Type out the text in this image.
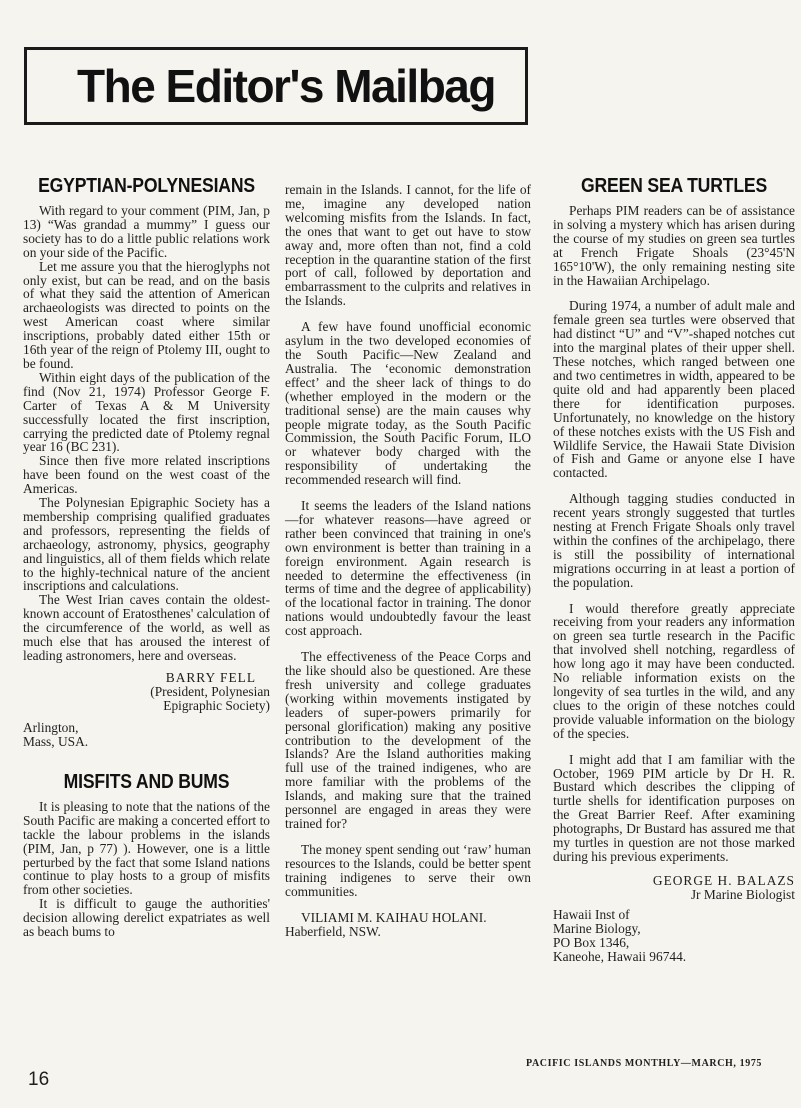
The Editor's Mailbag
EGYPTIAN-POLYNESIANS

With regard to your comment (PIM, Jan, p 13) “Was grandad a mummy” I guess our society has to do a little public relations work on your side of the Pacific.

Let me assure you that the hieroglyphs not only exist, but can be read, and on the basis of what they said the attention of American archaeologists was directed to points on the west American coast where similar inscriptions, probably dated either 15th or 16th year of the reign of Ptolemy III, ought to be found.

Within eight days of the publication of the find (Nov 21, 1974) Professor George F. Carter of Texas A & M University successfully located the first inscription, carrying the predicted date of Ptolemy regnal year 16 (BC 231).

Since then five more related inscriptions have been found on the west coast of the Americas.

The Polynesian Epigraphic Society has a membership comprising qualified graduates and professors, representing the fields of archaeology, astronomy, physics, geography and linguistics, all of them fields which relate to the highly-technical nature of the ancient inscriptions and calculations.

The West Irian caves contain the oldest-known account of Eratosthenes' calculation of the circumference of the world, as well as much else that has aroused the interest of leading astronomers, here and overseas.

BARRY FELL
(President, Polynesian
Epigraphic Society)
Arlington,
Mass, USA.
MISFITS AND BUMS

It is pleasing to note that the nations of the South Pacific are making a concerted effort to tackle the labour problems in the islands (PIM, Jan, p 77) ). However, one is a little perturbed by the fact that some Island nations continue to play hosts to a group of misfits from other societies.

It is difficult to gauge the authorities' decision allowing derelict expatriates as well as beach bums to

remain in the Islands. I cannot, for the life of me, imagine any developed nation welcoming misfits from the Islands. In fact, the ones that want to get out have to stow away and, more often than not, find a cold reception in the quarantine station of the first port of call, followed by deportation and embarrassment to the culprits and relatives in the Islands.

A few have found unofficial economic asylum in the two developed economies of the South Pacific—New Zealand and Australia. The ‘economic demonstration effect’ and the sheer lack of things to do (whether employed in the modern or the traditional sense) are the main causes why people migrate today, as the South Pacific Commission, the South Pacific Forum, ILO or whatever body charged with the responsibility of undertaking the recommended research will find.

It seems the leaders of the Island nations—for whatever reasons—have agreed or rather been convinced that training in one's own environment is better than training in a foreign environment. Again research is needed to determine the effectiveness (in terms of time and the degree of applicability) of the locational factor in training. The donor nations would undoubtedly favour the least cost approach.

The effectiveness of the Peace Corps and the like should also be questioned. Are these fresh university and college graduates (working within movements instigated by leaders of super-powers primarily for personal glorification) making any positive contribution to the development of the Islands? Are the Island authorities making full use of the trained indigenes, who are more familiar with the problems of the Islands, and making sure that the trained personnel are engaged in areas they were trained for?

The money spent sending out ‘raw’ human resources to the Islands, could be better spent training indigenes to serve their own communities.

VILIAMI M. KAIHAU HOLANI.
Haberfield, NSW.
GREEN SEA TURTLES

Perhaps PIM readers can be of assistance in solving a mystery which has arisen during the course of my studies on green sea turtles at French Frigate Shoals (23°45'N 165°10'W), the only remaining nesting site in the Hawaiian Archipelago.

During 1974, a number of adult male and female green sea turtles were observed that had distinct “U” and “V”-shaped notches cut into the marginal plates of their upper shell. These notches, which ranged between one and two centimetres in width, appeared to be quite old and had apparently been placed there for identification purposes. Unfortunately, no knowledge on the history of these notches exists with the US Fish and Wildlife Service, the Hawaii State Division of Fish and Game or anyone else I have contacted.

Although tagging studies conducted in recent years strongly suggested that turtles nesting at French Frigate Shoals only travel within the confines of the archipelago, there is still the possibility of international migrations occurring in at least a portion of the population.

I would therefore greatly appreciate receiving from your readers any information on green sea turtle research in the Pacific that involved shell notching, regardless of how long ago it may have been conducted. No reliable information exists on the longevity of sea turtles in the wild, and any clues to the origin of these notches could provide valuable information on the biology of the species.

I might add that I am familiar with the October, 1969 PIM article by Dr H. R. Bustard which describes the clipping of turtle shells for identification purposes on the Great Barrier Reef. After examining photographs, Dr Bustard has assured me that my turtles in question are not those marked during his previous experiments.

GEORGE H. BALAZS
Jr Marine Biologist
Hawaii Inst of
Marine Biology,
PO Box 1346,
Kaneohe, Hawaii 96744.
16
PACIFIC ISLANDS MONTHLY—MARCH, 1975
